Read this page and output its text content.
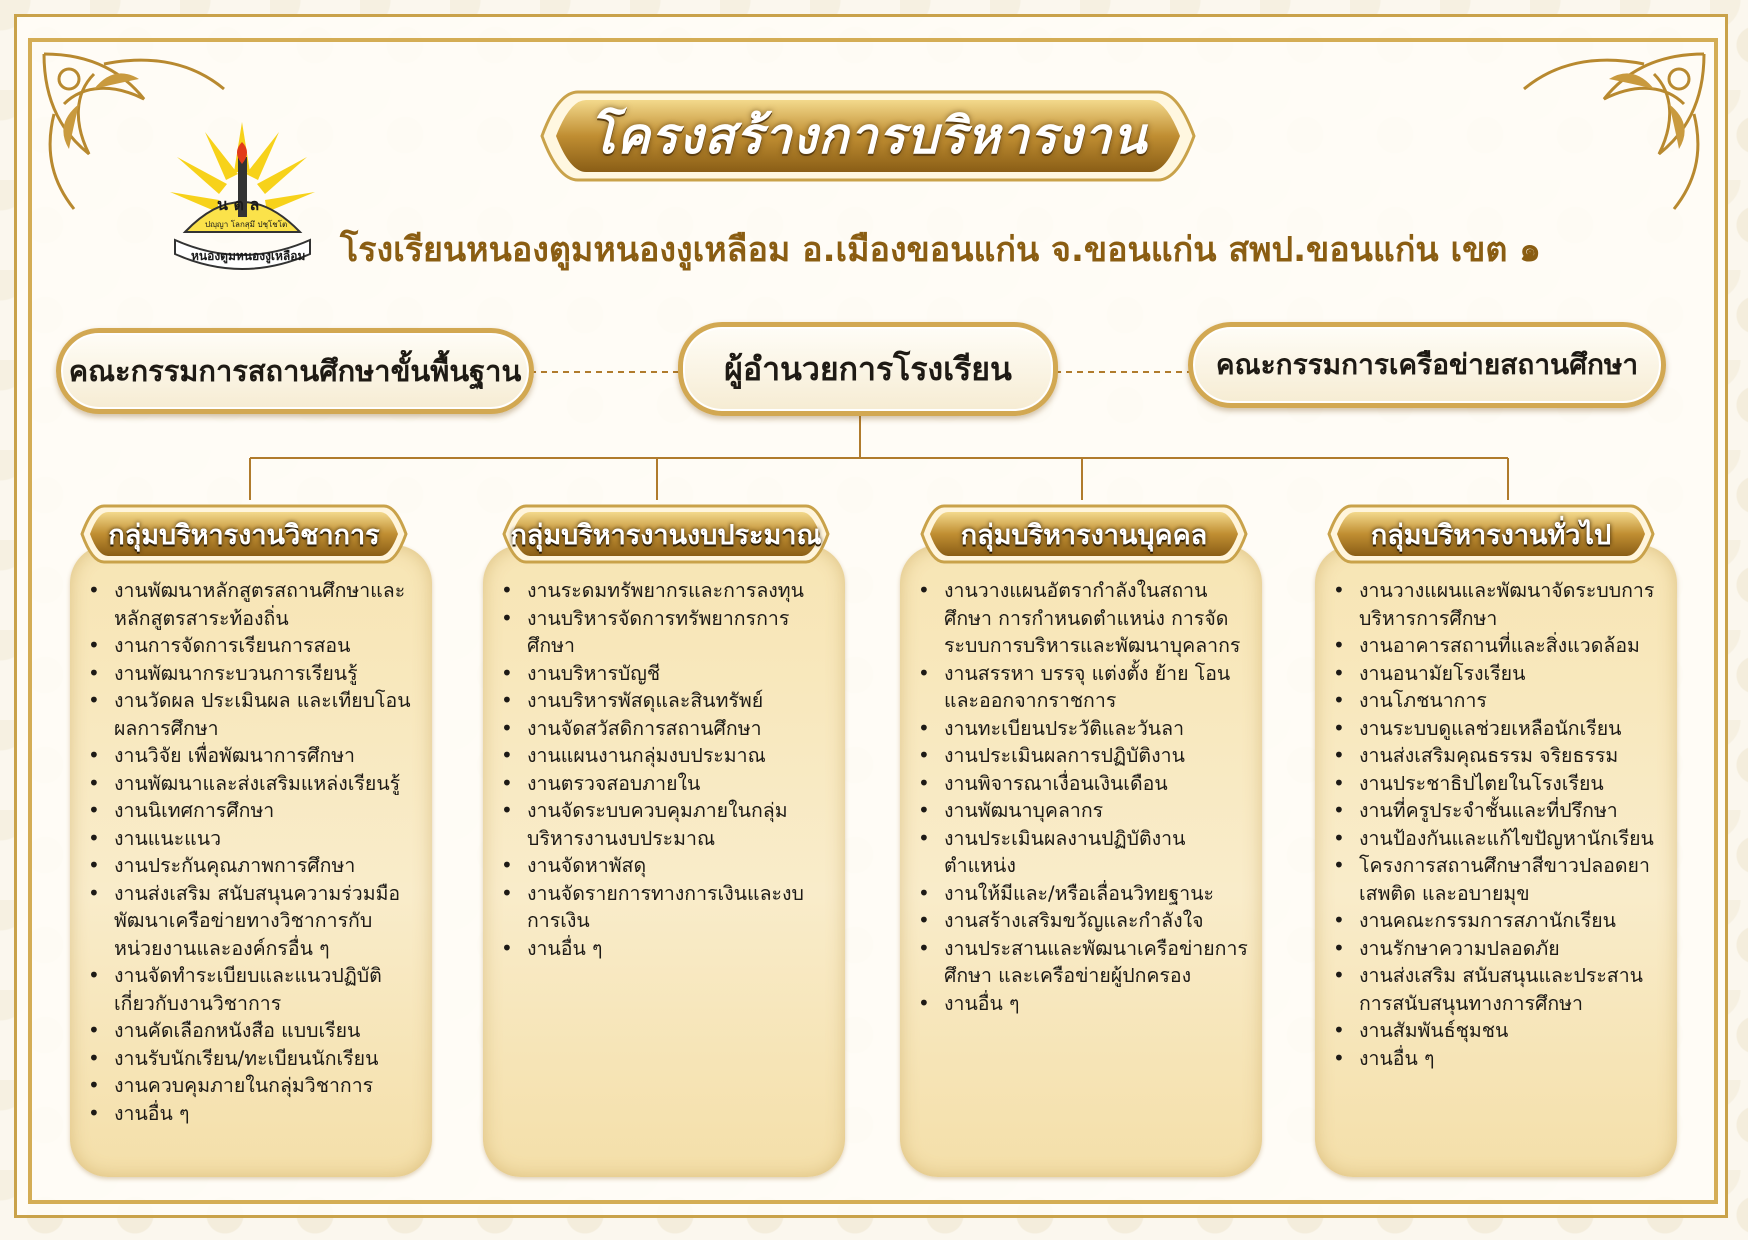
โครงสร้างการบริหารงาน
น ต ล
ปญฺญา โลกสฺมึ ปชฺโชโต
หนองตูมหนองงูเหลือม โรงเรียนหนองตูมหนองงูเหลือม อ.เมืองขอนแก่น จ.ขอนแก่น สพป.ขอนแก่น เขต ๑
คณะกรรมการสถานศึกษาขั้นพื้นฐาน	ผู้อำนวยการโรงเรียน	คณะกรรมการเครือข่ายสถานศึกษา
• งานพัฒนาหลักสูตรสถานศึกษาและหลักสูตรสาระท้องถิ่น
• งานการจัดการเรียนการสอน
• งานพัฒนากระบวนการเรียนรู้
• งานวัดผล ประเมินผล และเทียบโอนผลการศึกษา
• งานวิจัย เพื่อพัฒนาการศึกษา
• งานพัฒนาและส่งเสริมแหล่งเรียนรู้
• งานนิเทศการศึกษา
• งานแนะแนว
• งานประกันคุณภาพการศึกษา
• งานส่งเสริม สนับสนุนความร่วมมือพัฒนาเครือข่ายทางวิชาการกับหน่วยงานและองค์กรอื่น ๆ
• งานจัดทำระเบียบและแนวปฏิบัติเกี่ยวกับงานวิชาการ
• งานคัดเลือกหนังสือ แบบเรียน
• งานรับนักเรียน/ทะเบียนนักเรียน
• งานควบคุมภายในกลุ่มวิชาการ
• งานอื่น ๆ
• งานระดมทรัพยากรและการลงทุน
• งานบริหารจัดการทรัพยากรการศึกษา
• งานบริหารบัญชี
• งานบริหารพัสดุและสินทรัพย์
• งานจัดสวัสดิการสถานศึกษา
• งานแผนงานกลุ่มงบประมาณ
• งานตรวจสอบภายใน
• งานจัดระบบควบคุมภายในกลุ่มบริหารงานงบประมาณ
• งานจัดหาพัสดุ
• งานจัดรายการทางการเงินและงบการเงิน
• งานอื่น ๆ
• งานวางแผนอัตรากำลังในสถานศึกษา การกำหนดตำแหน่ง การจัดระบบการบริหารและพัฒนาบุคลากร
• งานสรรหา บรรจุ แต่งตั้ง ย้าย โอนและออกจากราชการ
• งานทะเบียนประวัติและวันลา
• งานประเมินผลการปฏิบัติงาน
• งานพิจารณาเงื่อนเงินเดือน
• งานพัฒนาบุคลากร
• งานประเมินผลงานปฏิบัติงานตำแหน่ง
• งานให้มีและ/หรือเลื่อนวิทยฐานะ
• งานสร้างเสริมขวัญและกำลังใจ
• งานประสานและพัฒนาเครือข่ายการศึกษา และเครือข่ายผู้ปกครอง
• งานอื่น ๆ
• งานวางแผนและพัฒนาจัดระบบการบริหารการศึกษา
• งานอาคารสถานที่และสิ่งแวดล้อม
• งานอนามัยโรงเรียน
• งานโภชนาการ
• งานระบบดูแลช่วยเหลือนักเรียน
• งานส่งเสริมคุณธรรม จริยธรรม
• งานประชาธิปไตยในโรงเรียน
• งานที่ครูประจำชั้นและที่ปรึกษา
• งานป้องกันและแก้ไขปัญหานักเรียน
• โครงการสถานศึกษาสีขาวปลอดยาเสพติด และอบายมุข
• งานคณะกรรมการสภานักเรียน
• งานรักษาความปลอดภัย
• งานส่งเสริม สนับสนุนและประสานการสนับสนุนทางการศึกษา
• งานสัมพันธ์ชุมชน
• งานอื่น ๆ
กลุ่มบริหารงานวิชาการ	กลุ่มบริหารงานงบประมาณ	กลุ่มบริหารงานบุคคล	กลุ่มบริหารงานทั่วไป
